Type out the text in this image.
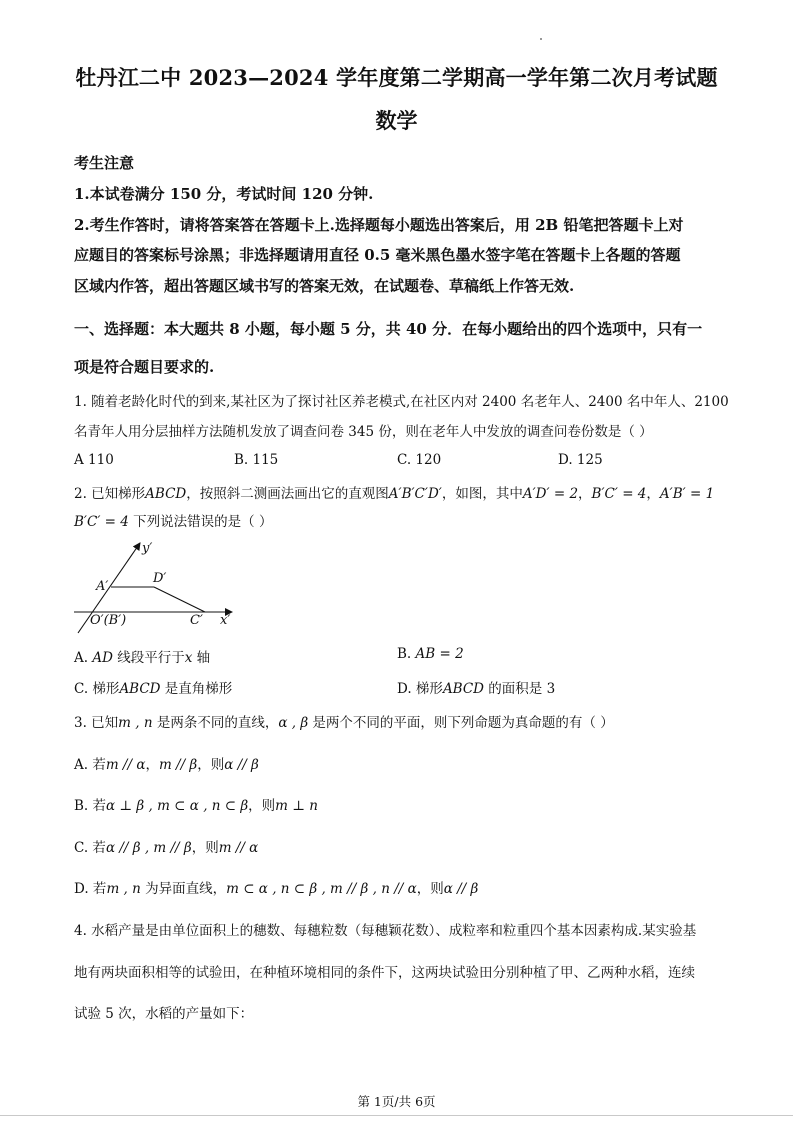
牡丹江二中 2023—2024 学年度第二学期高一学年第二次月考试题
数学
考生注意
1.本试卷满分 150 分，考试时间 120 分钟.
2.考生作答时，请将答案答在答题卡上.选择题每小题选出答案后，用 2B 铅笔把答题卡上对
应题目的答案标号涂黑；非选择题请用直径 0.5 毫米黑色墨水签字笔在答题卡上各题的答题
区域内作答，超出答题区域书写的答案无效，在试题卷、草稿纸上作答无效.
一、选择题：本大题共 8 小题，每小题 5 分，共 40 分．在每小题给出的四个选项中，只有一
项是符合题目要求的.
1. 随着老龄化时代的到来,某社区为了探讨社区养老模式,在社区内对 2400 名老年人、2400 名中年人、2100
名青年人用分层抽样方法随机发放了调查问卷 345 份，则在老年人中发放的调查问卷份数是（ ）
A 110	B. 115	C. 120	D. 125
2. 已知梯形ABCD，按照斜二测画法画出它的直观图A′B′C′D′，如图，其中A′D′ = 2，B′C′ = 4，A′B′ = 1
B′C′ = 4 下列说法错误的是（ ）
y′
x′
A′
D′
C′
O′(B′)
A. AD 线段平行于x 轴	B. AB = 2
C. 梯形ABCD 是直角梯形	D. 梯形ABCD 的面积是 3
3. 已知m , n 是两条不同的直线，α , β 是两个不同的平面，则下列命题为真命题的有（ ）
A. 若m // α，m // β，则α // β
B. 若α ⊥ β , m ⊂ α , n ⊂ β，则m ⊥ n
C. 若α // β , m // β，则m // α
D. 若m , n 为异面直线，m ⊂ α , n ⊂ β , m // β , n // α，则α // β
4. 水稻产量是由单位面积上的穗数、每穗粒数（每穗颖花数）、成粒率和粒重四个基本因素构成.某实验基
地有两块面积相等的试验田，在种植环境相同的条件下，这两块试验田分别种植了甲、乙两种水稻，连续
试验 5 次，水稻的产量如下：
第 1页/共 6页
